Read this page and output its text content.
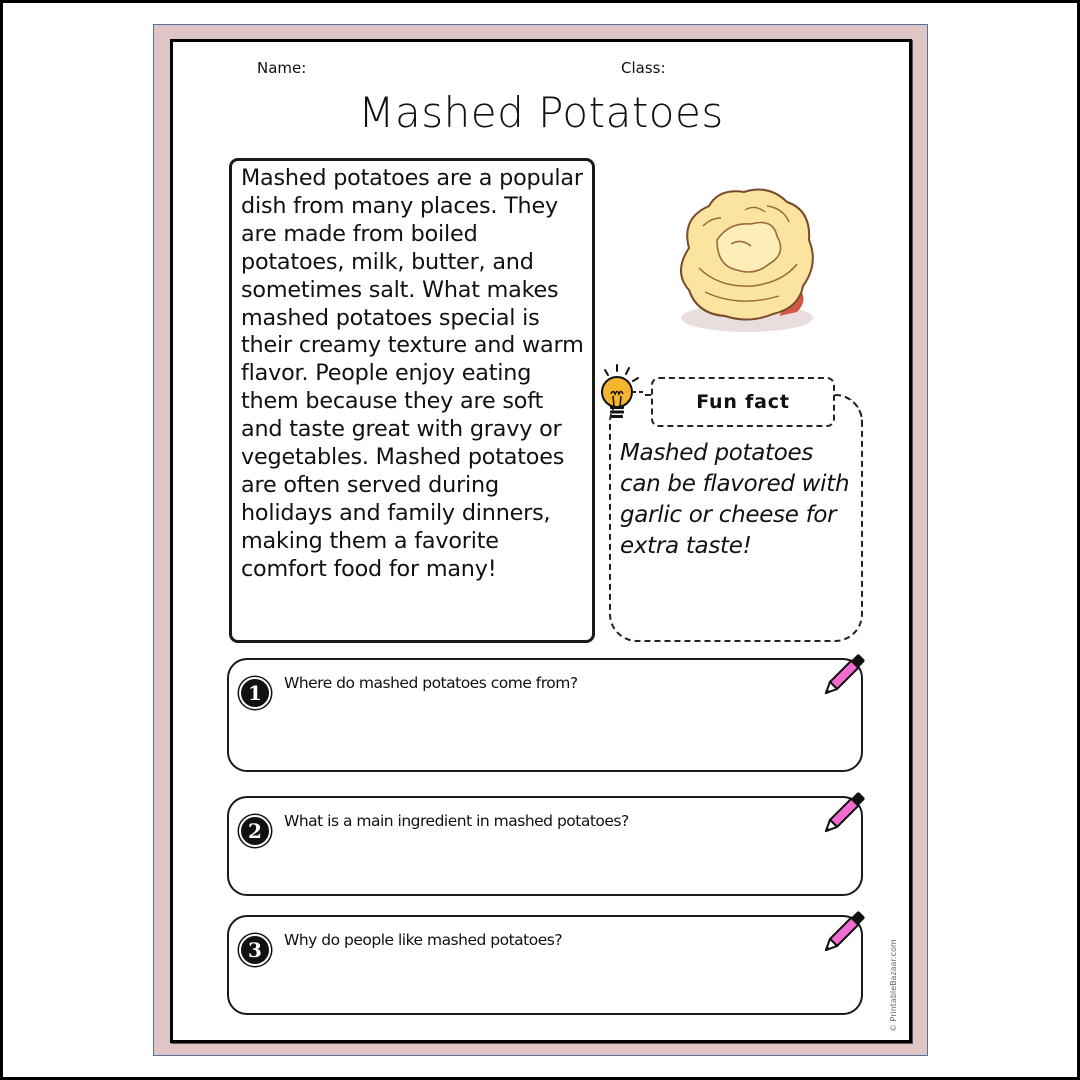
Name:	Class:
Mashed Potatoes

Mashed potatoes are a popular dish from many places. They are made from boiled potatoes, milk, butter, and sometimes salt. What makes mashed potatoes special is their creamy texture and warm flavor. People enjoy eating them because they are soft and taste great with gravy or vegetables. Mashed potatoes are often served during holidays and family dinners, making them a favorite comfort food for many!

Fun fact

Mashed potatoes can be flavored with garlic or cheese for extra taste!

1	Where do mashed potatoes come from?
2	What is a main ingredient in mashed potatoes?
3	Why do people like mashed potatoes?	© PrintableBazaar.com
